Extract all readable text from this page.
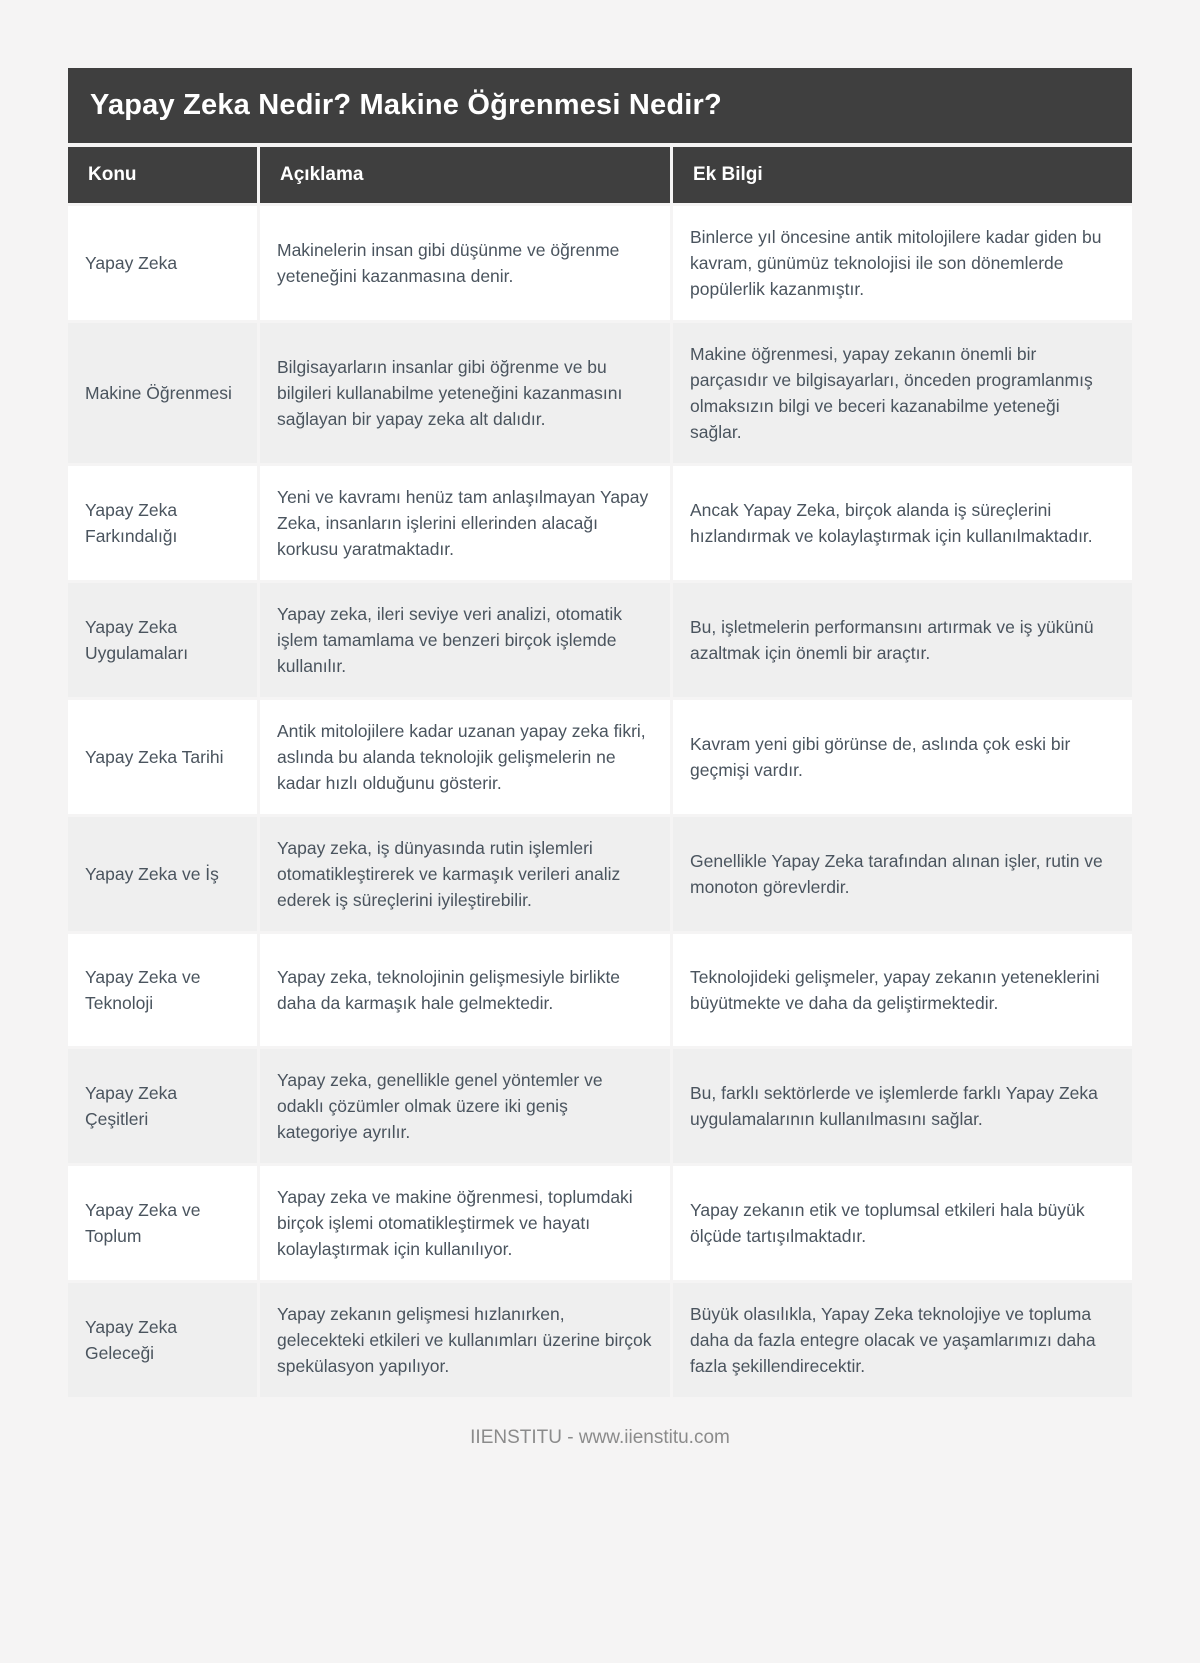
Yapay Zeka Nedir? Makine Öğrenmesi Nedir?
Konu	Açıklama	Ek Bilgi
Yapay Zeka
Makinelerin insan gibi düşünme ve öğrenme yeteneğini kazanmasına denir.
Binlerce yıl öncesine antik mitolojilere kadar giden bu kavram, günümüz teknolojisi ile son dönemlerde popülerlik kazanmıştır.
Makine Öğrenmesi
Bilgisayarların insanlar gibi öğrenme ve bu bilgileri kullanabilme yeteneğini kazanmasını sağlayan bir yapay zeka alt dalıdır.
Makine öğrenmesi, yapay zekanın önemli bir parçasıdır ve bilgisayarları, önceden programlanmış olmaksızın bilgi ve beceri kazanabilme yeteneği sağlar.
Yapay Zeka Farkındalığı
Yeni ve kavramı henüz tam anlaşılmayan Yapay Zeka, insanların işlerini ellerinden alacağı korkusu yaratmaktadır.
Ancak Yapay Zeka, birçok alanda iş süreçlerini hızlandırmak ve kolaylaştırmak için kullanılmaktadır.
Yapay Zeka Uygulamaları
Yapay zeka, ileri seviye veri analizi, otomatik işlem tamamlama ve benzeri birçok işlemde kullanılır.
Bu, işletmelerin performansını artırmak ve iş yükünü azaltmak için önemli bir araçtır.
Yapay Zeka Tarihi
Antik mitolojilere kadar uzanan yapay zeka fikri, aslında bu alanda teknolojik gelişmelerin ne kadar hızlı olduğunu gösterir.
Kavram yeni gibi görünse de, aslında çok eski bir geçmişi vardır.
Yapay Zeka ve İş
Yapay zeka, iş dünyasında rutin işlemleri otomatikleştirerek ve karmaşık verileri analiz ederek iş süreçlerini iyileştirebilir.
Genellikle Yapay Zeka tarafından alınan işler, rutin ve monoton görevlerdir.
Yapay Zeka ve Teknoloji
Yapay zeka, teknolojinin gelişmesiyle birlikte daha da karmaşık hale gelmektedir.
Teknolojideki gelişmeler, yapay zekanın yeteneklerini büyütmekte ve daha da geliştirmektedir.
Yapay Zeka Çeşitleri
Yapay zeka, genellikle genel yöntemler ve odaklı çözümler olmak üzere iki geniş kategoriye ayrılır.
Bu, farklı sektörlerde ve işlemlerde farklı Yapay Zeka uygulamalarının kullanılmasını sağlar.
Yapay Zeka ve Toplum
Yapay zeka ve makine öğrenmesi, toplumdaki birçok işlemi otomatikleştirmek ve hayatı kolaylaştırmak için kullanılıyor.
Yapay zekanın etik ve toplumsal etkileri hala büyük ölçüde tartışılmaktadır.
Yapay Zeka Geleceği
Yapay zekanın gelişmesi hızlanırken, gelecekteki etkileri ve kullanımları üzerine birçok spekülasyon yapılıyor.
Büyük olasılıkla, Yapay Zeka teknolojiye ve topluma daha da fazla entegre olacak ve yaşamlarımızı daha fazla şekillendirecektir.
IIENSTITU - www.iienstitu.com
